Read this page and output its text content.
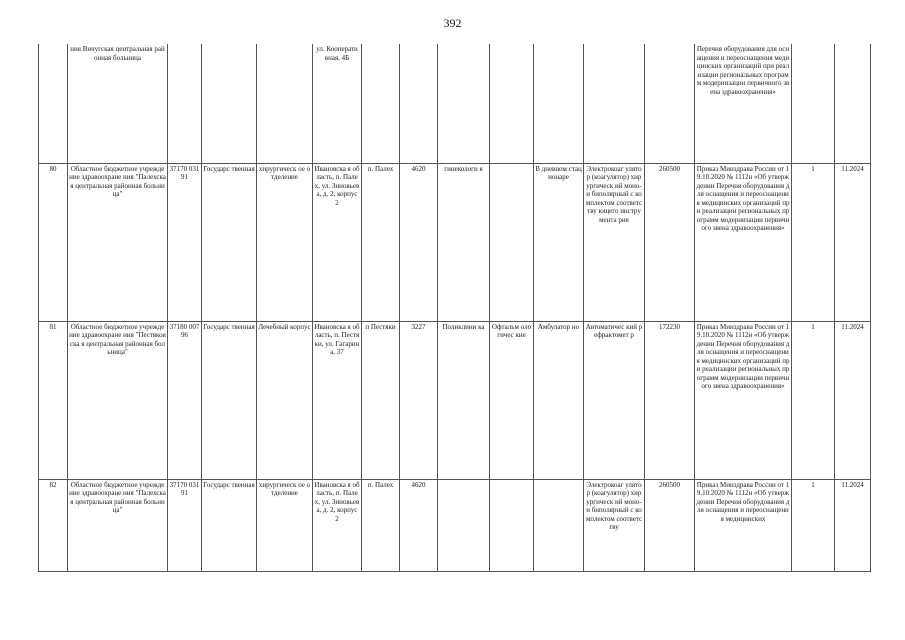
392
	ния Вичугская центральная районная больница				ул. Кооперати вная, 4Б								Перечня оборудования для оснащения и переоснащения медицинских организаций при реализации региональных программ модернизации первичного звена здравоохранения»		
80	Областное бюджетное учреждение здравоохране ния "Палехская центральная районная больница"	37170 03191	Государс твенная	хирургическ ое отделение	Ивановска я область, п. Палех, ул. Зиновьева, д. 2, корпус 2	п. Палех	4620	гинекологи я		В дневном стационаре	Электрокоаг улятор (коагулятор) хирургическ ий моно- и биполярный с комплектом соответству ющего инструмента рия	260500	Приказ Минздрава России от 19.10.2020 № 1112н «Об утверждении Перечня оборудования для оснащения и переоснащения медицинских организаций при реализации региональных программ модернизации первичного звена здравоохранения»	1	11.2024
81	Областное бюджетное учреждение здравоохране ния "Пестяковска я центральная районная больница"	37180 00796	Государс твенная	Лечебный корпус	Ивановска я область, п. Пестяки, ул. Гагарина, 37	п Пестяки	3227	Поликлини ка	Офтальм ологичес кие	Амбулатор но	Автоматичес кий рефрактомет р	172230	Приказ Минздрава России от 19.10.2020 № 1112н «Об утверждении Перечня оборудования для оснащения и переоснащения медицинских организаций при реализации региональных программ модернизации первичного звена здравоохранения»	1	11.2024
82	Областное бюджетное учреждение здравоохране ния "Палехская центральная районная больница"	37170 03191	Государс твенная	хирургическ ое отделение	Ивановска я область, п. Палех, ул. Зиновьева, д. 2, корпус 2	п. Палех	4620				Электрокоаг улятор (коагулятор) хирургическ ий моно- и биполярный с комплектом соответству	260500	Приказ Минздрава России от 19.10.2020 № 1112н «Об утверждении Перечня оборудования для оснащения и переоснащения медицинских	1	11.2024
